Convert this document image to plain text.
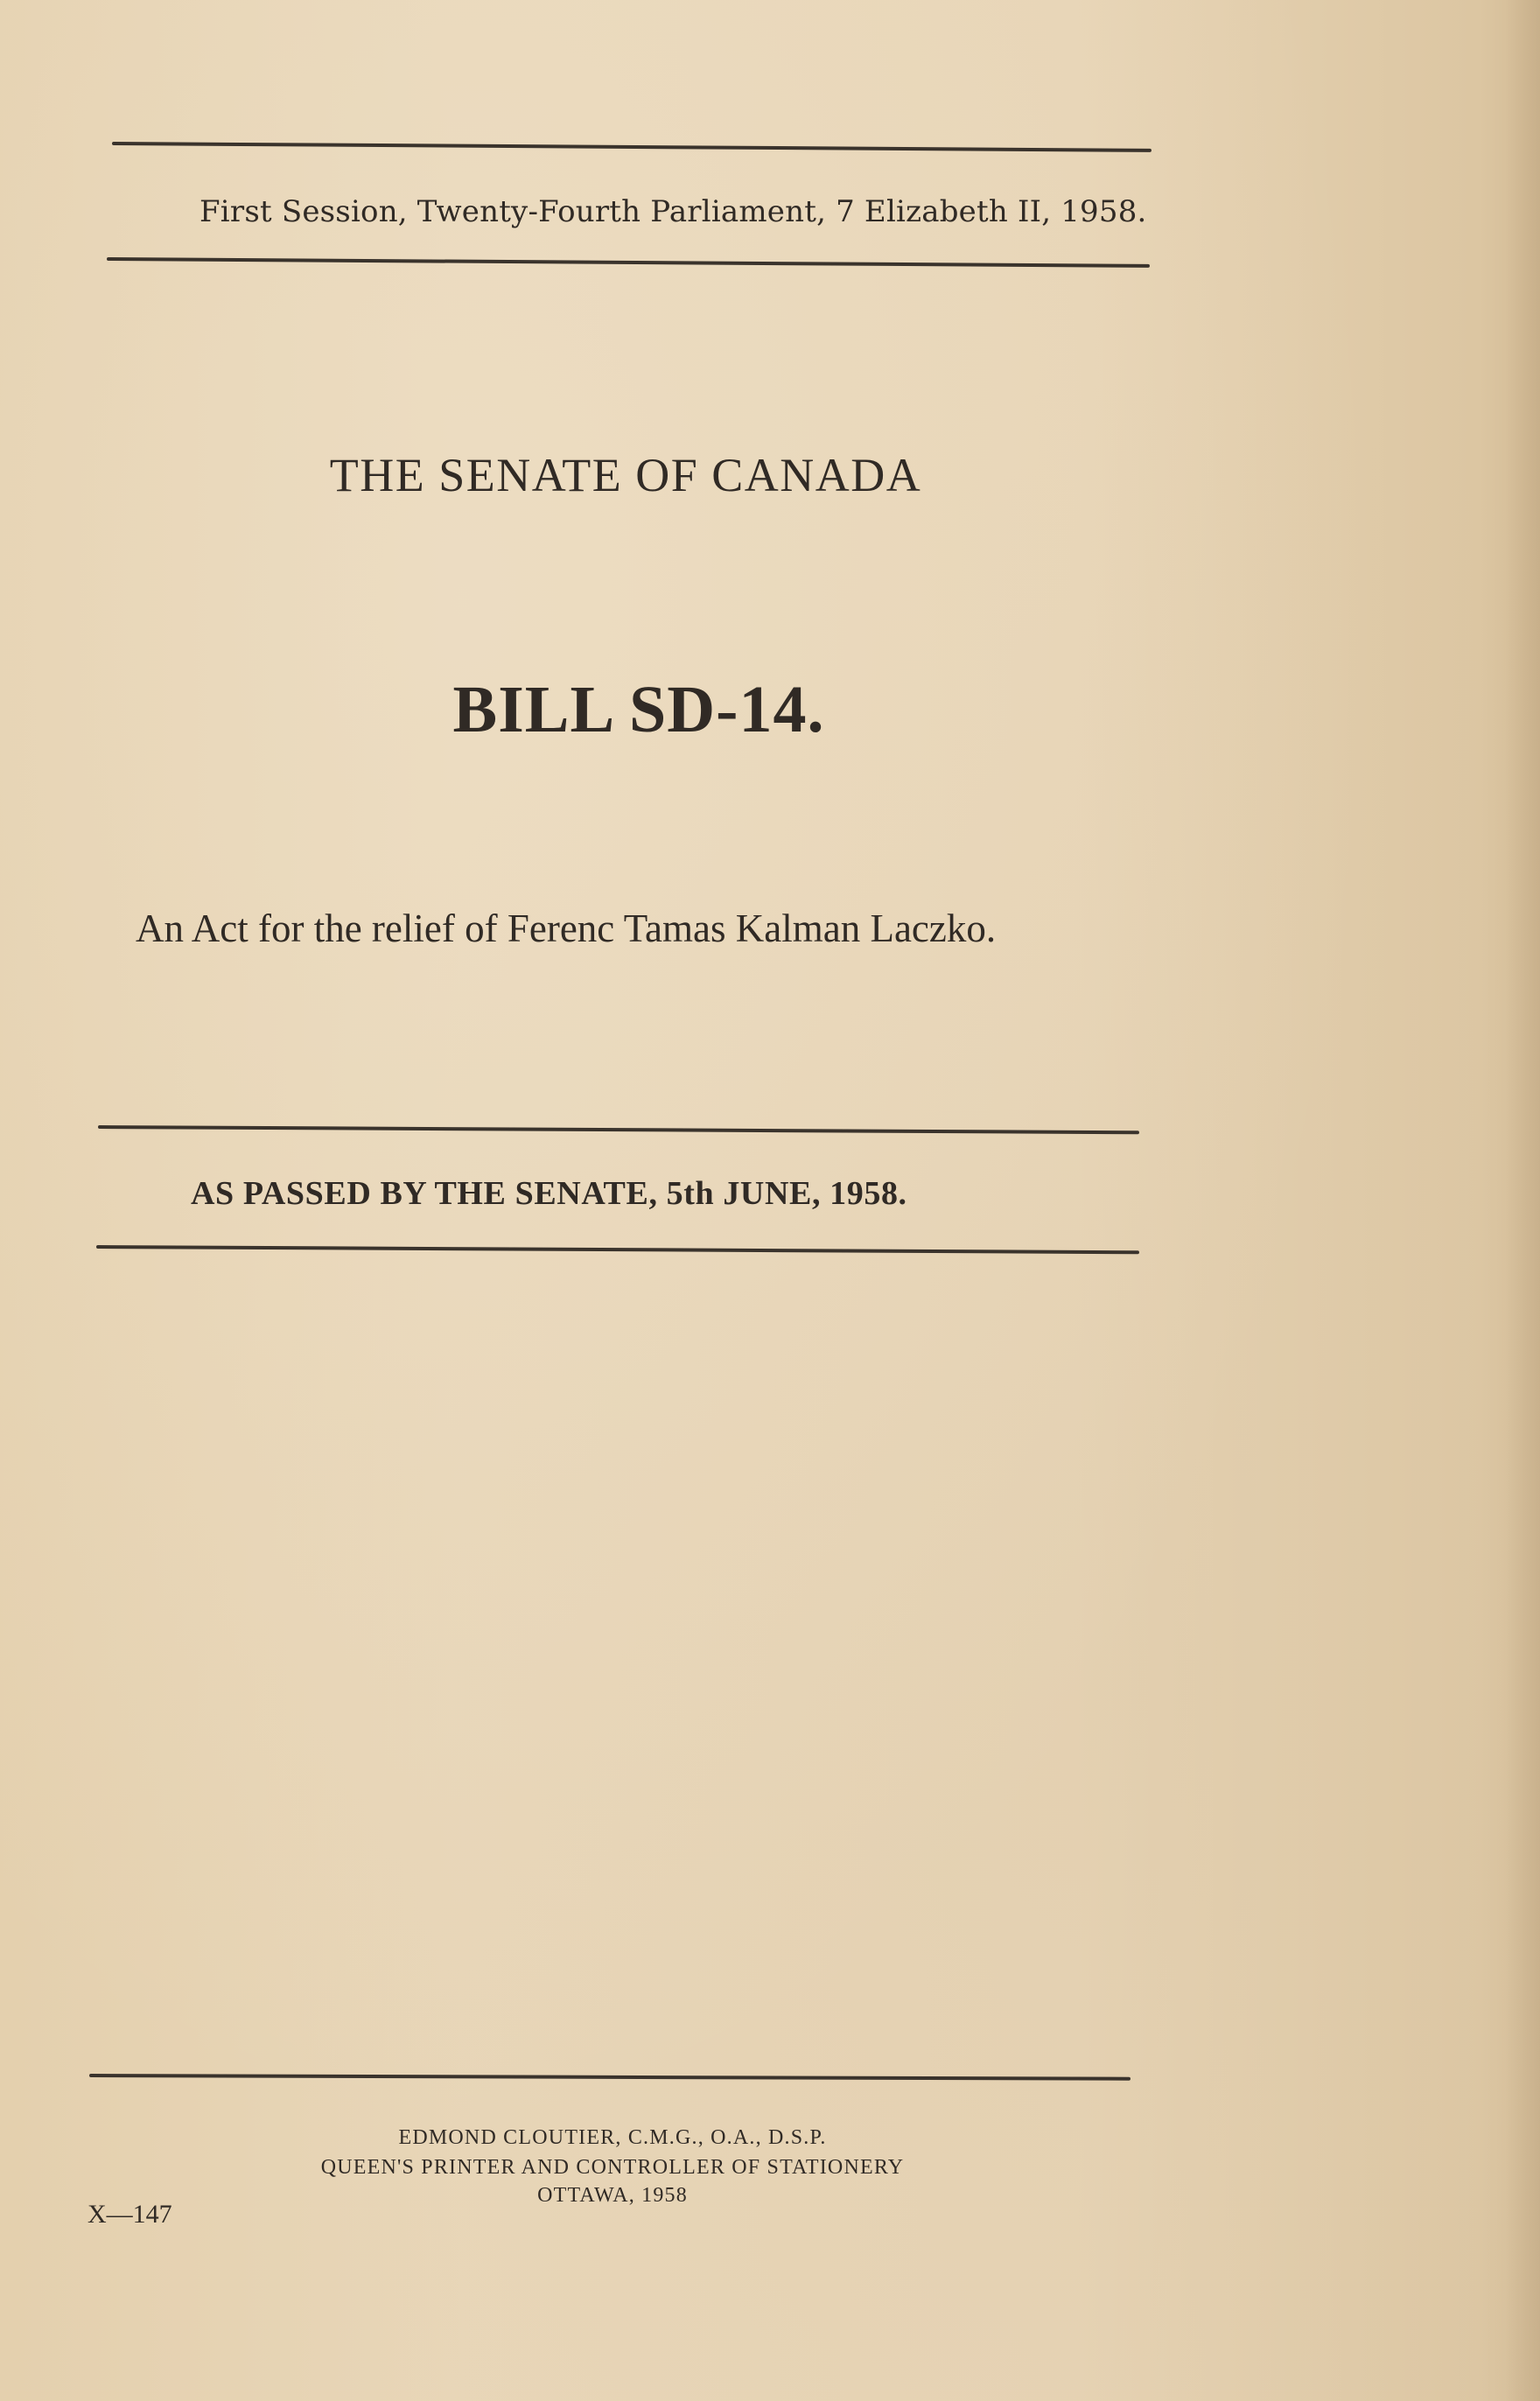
First Session, Twenty-Fourth Parliament, 7 Elizabeth II, 1958.
THE SENATE OF CANADA
BILL SD-14.
An Act for the relief of Ferenc Tamas Kalman Laczko.
AS PASSED BY THE SENATE, 5th JUNE, 1958.
EDMOND CLOUTIER, C.M.G., O.A., D.S.P.
QUEEN'S PRINTER AND CONTROLLER OF STATIONERY
OTTAWA, 1958
X—147
